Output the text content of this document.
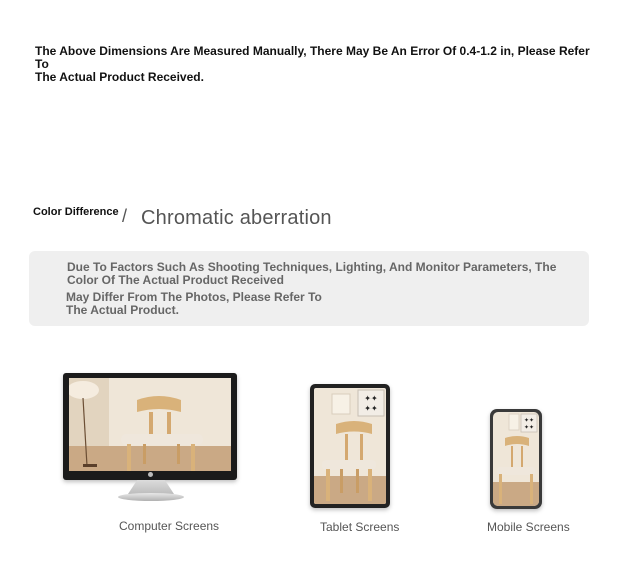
The Above Dimensions Are Measured Manually, There May Be An Error Of 0.4-1.2 in, Please Refer To
The Actual Product Received.
Color Difference / Chromatic aberration
Due To Factors Such As Shooting Techniques, Lighting, And Monitor Parameters, The
Color Of The Actual Product Received
May Differ From The Photos, Please Refer To
The Actual Product.
✦✦
✦✦
✦✦
✦✦
Computer Screens	Tablet Screens	Mobile Screens
